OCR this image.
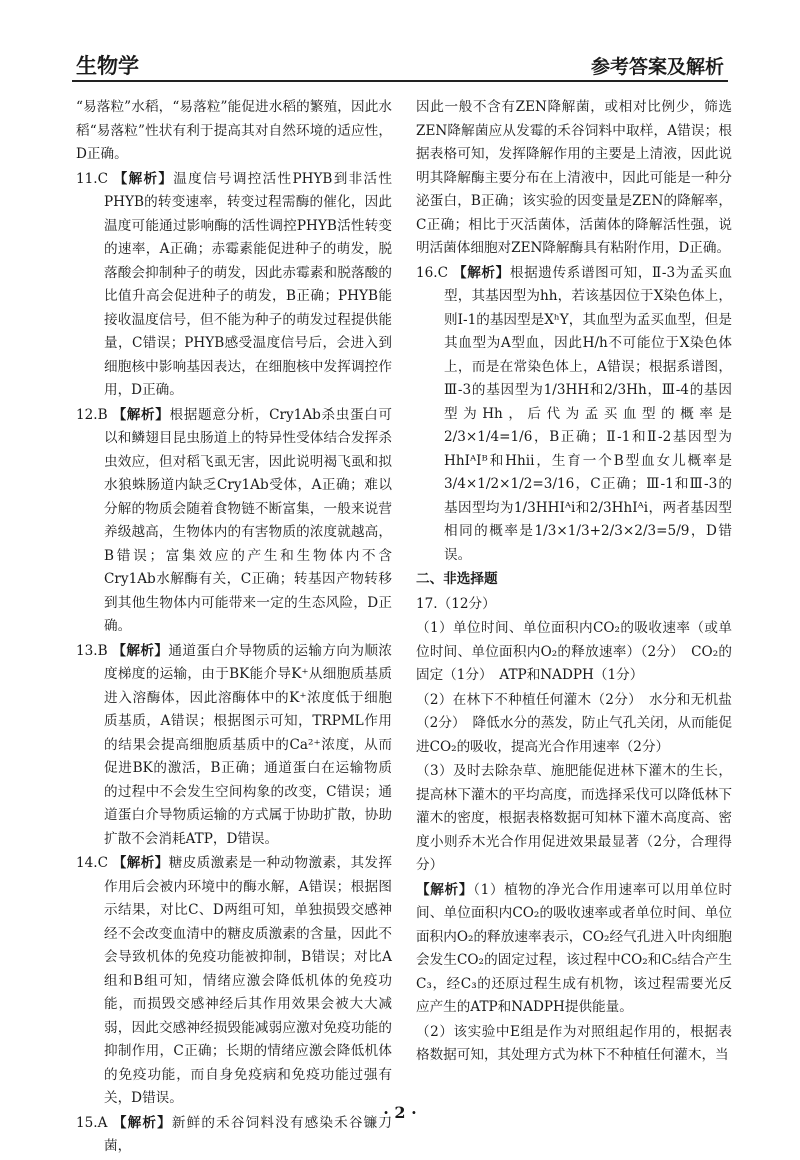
生物学	参考答案及解析

“易落粒”水稻，“易落粒”能促进水稻的繁殖，因此水稻“易落粒”性状有利于提高其对自然环境的适应性，D正确。

11.C 【解析】温度信号调控活性PHYB到非活性PHYB的转变速率，转变过程需酶的催化，因此温度可能通过影响酶的活性调控PHYB活性转变的速率，A正确；赤霉素能促进种子的萌发，脱落酸会抑制种子的萌发，因此赤霉素和脱落酸的比值升高会促进种子的萌发，B正确；PHYB能接收温度信号，但不能为种子的萌发过程提供能量，C错误；PHYB感受温度信号后，会进入到细胞核中影响基因表达，在细胞核中发挥调控作用，D正确。

12.B 【解析】根据题意分析，Cry1Ab杀虫蛋白可以和鳞翅目昆虫肠道上的特异性受体结合发挥杀虫效应，但对稻飞虱无害，因此说明褐飞虱和拟水狼蛛肠道内缺乏Cry1Ab受体，A正确；难以分解的物质会随着食物链不断富集，一般来说营养级越高，生物体内的有害物质的浓度就越高，B错误；富集效应的产生和生物体内不含Cry1Ab水解酶有关，C正确；转基因产物转移到其他生物体内可能带来一定的生态风险，D正确。

13.B 【解析】通道蛋白介导物质的运输方向为顺浓度梯度的运输，由于BK能介导K⁺从细胞质基质进入溶酶体，因此溶酶体中的K⁺浓度低于细胞质基质，A错误；根据图示可知，TRPML作用的结果会提高细胞质基质中的Ca²⁺浓度，从而促进BK的激活，B正确；通道蛋白在运输物质的过程中不会发生空间构象的改变，C错误；通道蛋白介导物质运输的方式属于协助扩散，协助扩散不会消耗ATP，D错误。

14.C 【解析】糖皮质激素是一种动物激素，其发挥作用后会被内环境中的酶水解，A错误；根据图示结果，对比C、D两组可知，单独损毁交感神经不会改变血清中的糖皮质激素的含量，因此不会导致机体的免疫功能被抑制，B错误；对比A组和B组可知，情绪应激会降低机体的免疫功能，而损毁交感神经后其作用效果会被大大减弱，因此交感神经损毁能减弱应激对免疫功能的抑制作用，C正确；长期的情绪应激会降低机体的免疫功能，而自身免疫病和免疫功能过强有关，D错误。

15.A 【解析】新鲜的禾谷饲料没有感染禾谷镰刀菌，

因此一般不含有ZEN降解菌，或相对比例少，筛选ZEN降解菌应从发霉的禾谷饲料中取样，A错误；根据表格可知，发挥降解作用的主要是上清液，因此说明其降解酶主要分布在上清液中，因此可能是一种分泌蛋白，B正确；该实验的因变量是ZEN的降解率，C正确；相比于灭活菌体，活菌体的降解活性强，说明活菌体细胞对ZEN降解酶具有粘附作用，D正确。

16.C 【解析】根据遗传系谱图可知，Ⅱ-3为孟买血型，其基因型为hh，若该基因位于X染色体上，则Ⅰ-1的基因型是XʰY，其血型为孟买血型，但是其血型为A型血，因此H/h不可能位于X染色体上，而是在常染色体上，A错误；根据系谱图，Ⅲ-3的基因型为1/3HH和2/3Hh，Ⅲ-4的基因型为Hh，后代为孟买血型的概率是2/3×1/4=1/6，B正确；Ⅱ-1和Ⅱ-2基因型为HhIᴬIᴮ和Hhii，生育一个B型血女儿概率是3/4×1/2×1/2=3/16，C正确；Ⅲ-1和Ⅲ-3的基因型均为1/3HHIᴬi和2/3HhIᴬi，两者基因型相同的概率是1/3×1/3+2/3×2/3=5/9，D错误。

二、非选择题

17.（12分）

（1）单位时间、单位面积内CO₂的吸收速率（或单位时间、单位面积内O₂的释放速率）（2分）　CO₂的固定（1分）　ATP和NADPH（1分）

（2）在林下不种植任何灌木（2分）　水分和无机盐（2分）　降低水分的蒸发，防止气孔关闭，从而能促进CO₂的吸收，提高光合作用速率（2分）

（3）及时去除杂草、施肥能促进林下灌木的生长，提高林下灌木的平均高度，而选择采伐可以降低林下灌木的密度，根据表格数据可知林下灌木高度高、密度小则乔木光合作用促进效果最显著（2分，合理得分）

【解析】（1）植物的净光合作用速率可以用单位时间、单位面积内CO₂的吸收速率或者单位时间、单位面积内O₂的释放速率表示，CO₂经气孔进入叶肉细胞会发生CO₂的固定过程，该过程中CO₂和C₅结合产生C₃，经C₃的还原过程生成有机物，该过程需要光反应产生的ATP和NADPH提供能量。

（2）该实验中E组是作为对照组起作用的，根据表格数据可知，其处理方式为林下不种植任何灌木，当

· 2 ·
